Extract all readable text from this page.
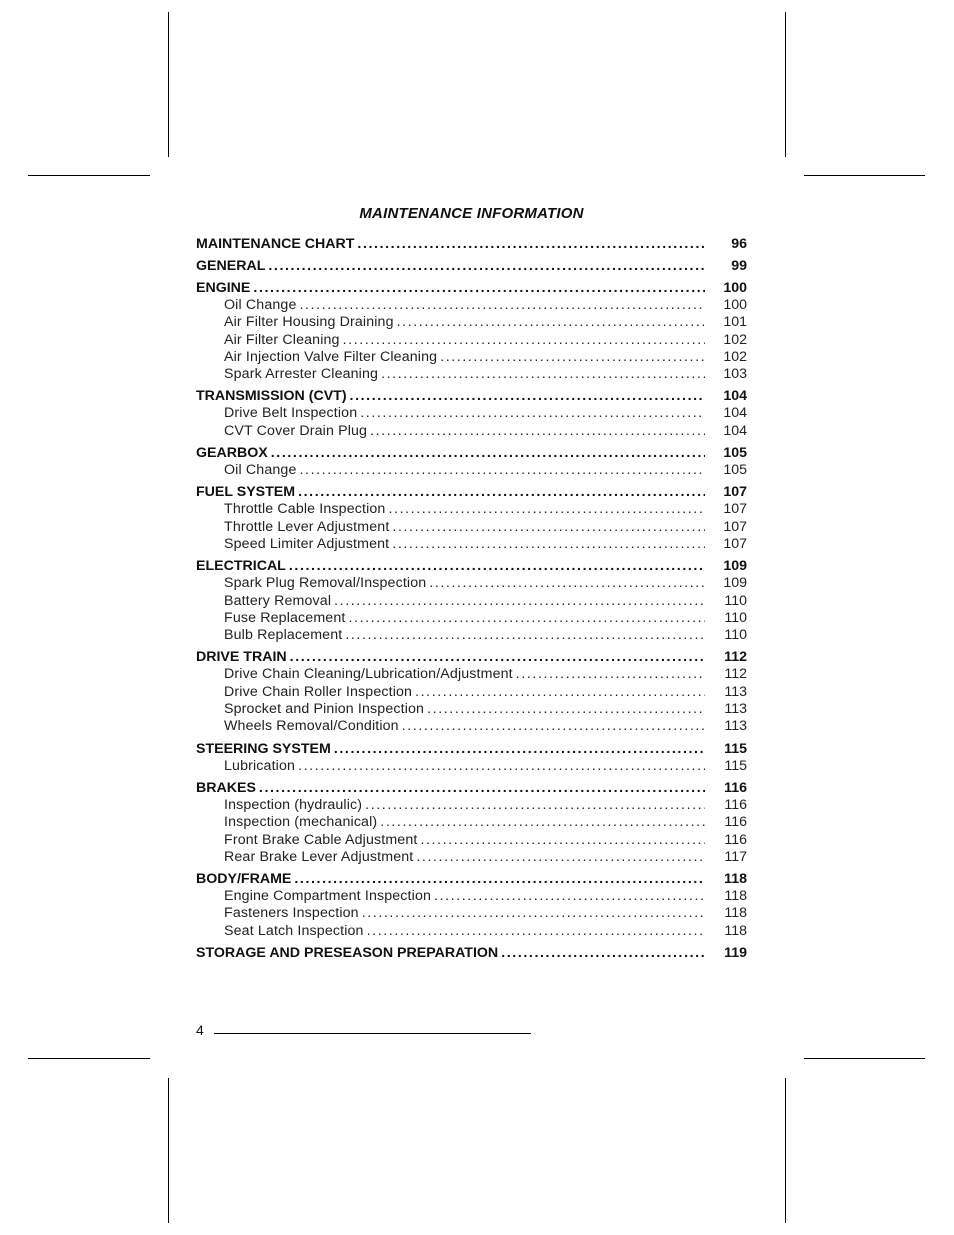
MAINTENANCE INFORMATION
MAINTENANCE CHART .....	96
GENERAL .....	99
ENGINE .....	100
Oil Change .....	100
Air Filter Housing Draining .....	101
Air Filter Cleaning .....	102
Air Injection Valve Filter Cleaning .....	102
Spark Arrester Cleaning .....	103
TRANSMISSION (CVT) .....	104
Drive Belt Inspection .....	104
CVT Cover Drain Plug .....	104
GEARBOX .....	105
Oil Change .....	105
FUEL SYSTEM .....	107
Throttle Cable Inspection .....	107
Throttle Lever Adjustment .....	107
Speed Limiter Adjustment .....	107
ELECTRICAL .....	109
Spark Plug Removal/Inspection .....	109
Battery Removal .....	110
Fuse Replacement .....	110
Bulb Replacement .....	110
DRIVE TRAIN .....	112
Drive Chain Cleaning/Lubrication/Adjustment .....	112
Drive Chain Roller Inspection .....	113
Sprocket and Pinion Inspection .....	113
Wheels Removal/Condition .....	113
STEERING SYSTEM .....	115
Lubrication .....	115
BRAKES .....	116
Inspection (hydraulic) .....	116
Inspection (mechanical) .....	116
Front Brake Cable Adjustment .....	116
Rear Brake Lever Adjustment .....	117
BODY/FRAME .....	118
Engine Compartment Inspection .....	118
Fasteners Inspection .....	118
Seat Latch Inspection .....	118
STORAGE AND PRESEASON PREPARATION .....	119
4
